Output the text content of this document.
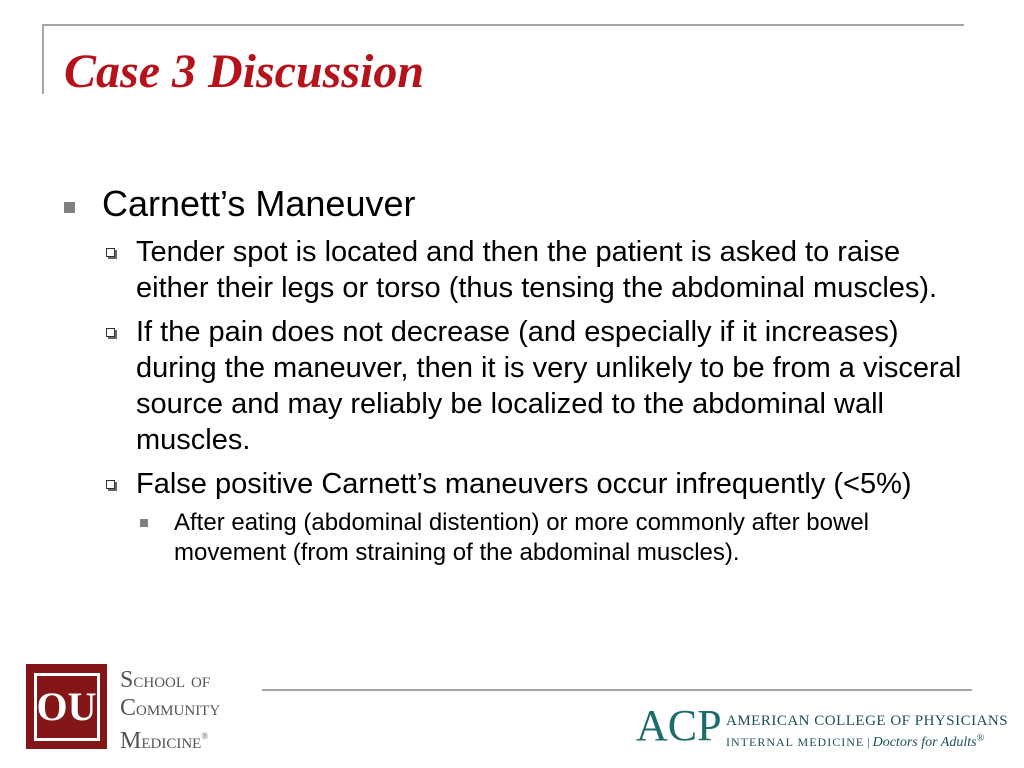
Case 3 Discussion
Carnett’s Maneuver
Tender spot is located and then the patient is asked to raise either their legs or torso (thus tensing the abdominal muscles).
If the pain does not decrease (and especially if it increases) during the maneuver, then it is very unlikely to be from a visceral source and may reliably be localized to the abdominal wall muscles.
False positive Carnett’s maneuvers occur infrequently (<5%)
After eating (abdominal distention) or more commonly after bowel movement (from straining of the abdominal muscles).
OU
SCHOOL OF
COMMUNITY
MEDICINE®	ACP AMERICAN COLLEGE OF PHYSICIANS
INTERNAL MEDICINE | Doctors for Adults®
